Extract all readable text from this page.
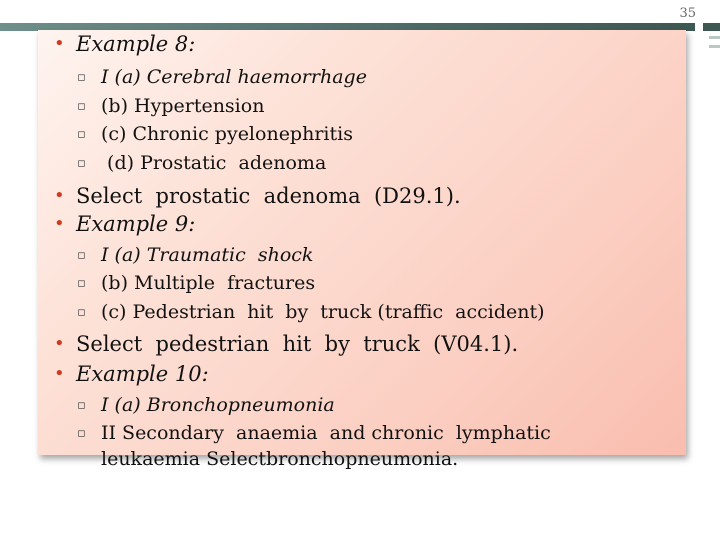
35
• Example 8:
▫ I (a) Cerebral haemorrhage
▫ (b) Hypertension
▫ (c) Chronic pyelonephritis
▫ (d) Prostatic  adenoma
• Select  prostatic  adenoma  (D29.1).
• Example 9:
▫ I (a) Traumatic  shock
▫ (b) Multiple  fractures
▫ (c) Pedestrian  hit  by  truck (traffic  accident)
• Select  pedestrian  hit  by  truck  (V04.1).
• Example 10:
▫ I (a) Bronchopneumonia
▫ II Secondary  anaemia  and chronic  lymphatic
leukaemia Selectbronchopneumonia.
